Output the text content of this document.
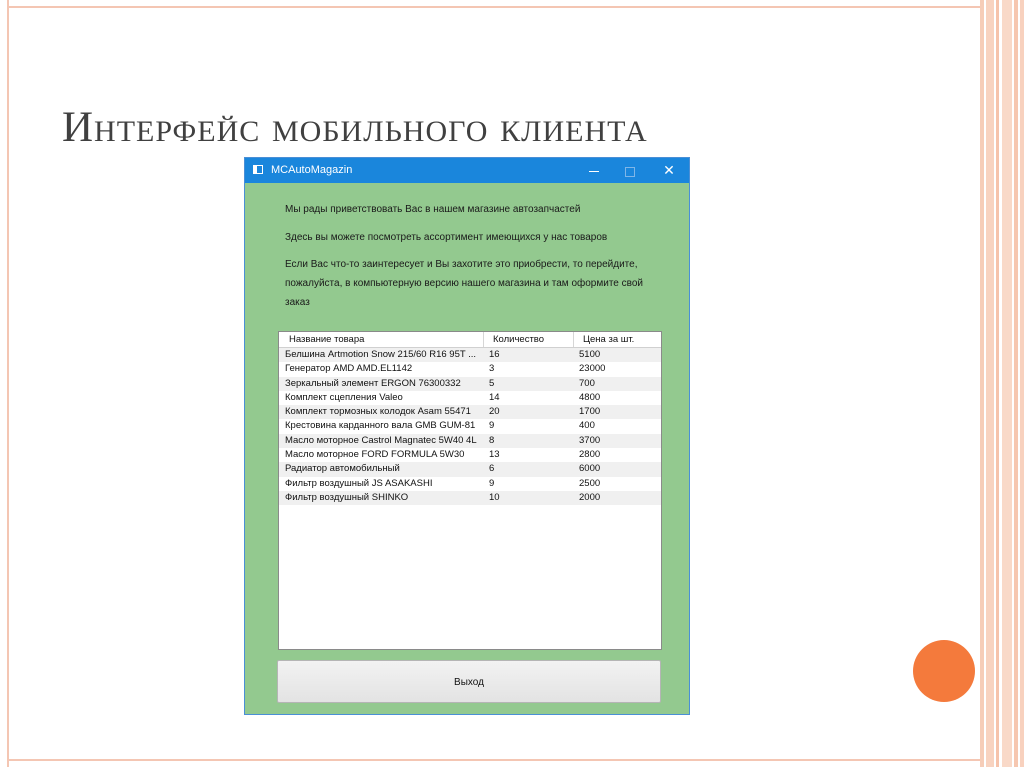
Интерфейс мобильного клиента
MCAutoMagazin	✕
Мы рады приветствовать Вас в нашем магазине автозапчастей
Здесь вы можете посмотреть ассортимент имеющихся у нас товаров
Если Вас что-то заинтересует и Вы захотите это приобрести, то перейдите,
пожалуйста, в компьютерную версию нашего магазина и там оформите свой
заказ
Название товара	Количество	Цена за шт.
Белшина Artmotion Snow 215/60 R16 95T ...	16	5100
Генератор AMD AMD.EL1142	3	23000
Зеркальный элемент ERGON 76300332	5	700
Комплект сцепления Valeo	14	4800
Комплект тормозных колодок Asam 55471	20	1700
Крестовина карданного вала GMB GUM-81	9	400
Масло моторное Castrol Magnatec 5W40 4L	8	3700
Масло моторное FORD FORMULA 5W30	13	2800
Радиатор автомобильный	6	6000
Фильтр воздушный JS ASAKASHI	9	2500
Фильтр воздушный SHINKO	10	2000
Выход
